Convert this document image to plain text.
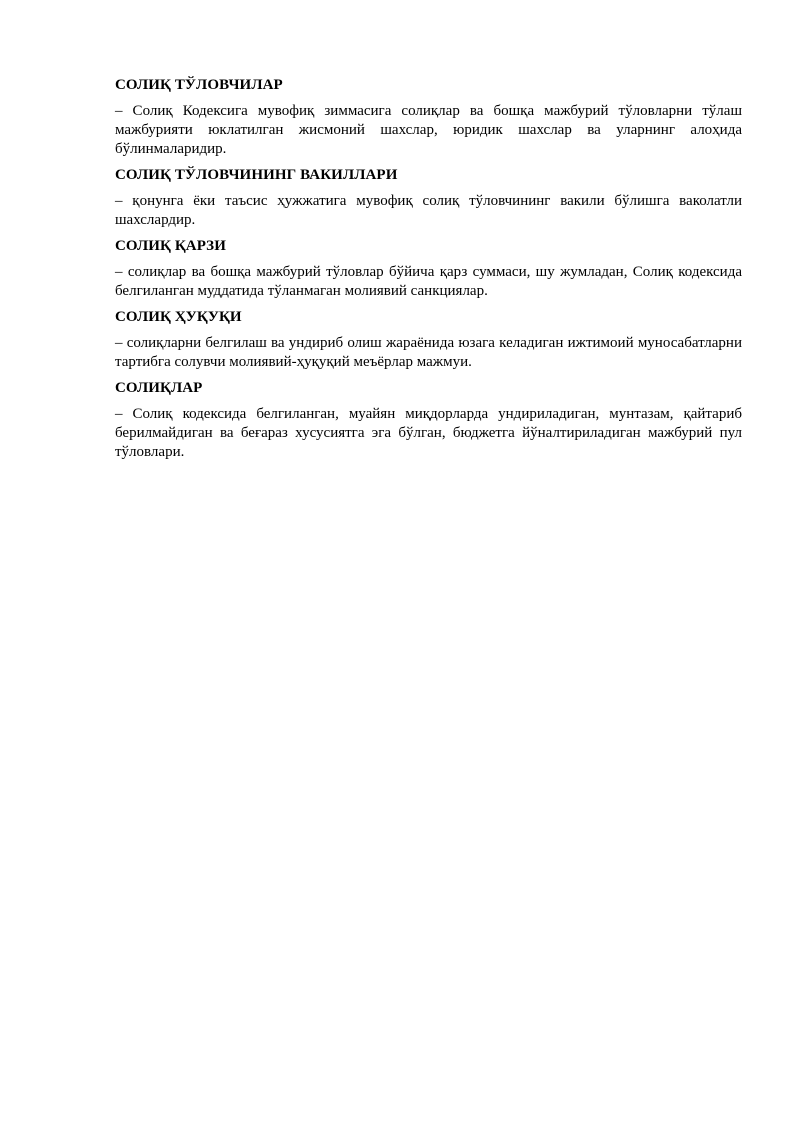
СОЛИҚ ТЎЛОВЧИЛАР

– Солиқ Кодексига мувофиқ зиммасига солиқлар ва бошқа мажбурий тўловларни тўлаш мажбурияти юклатилган жисмоний шахслар, юридик шахслар ва уларнинг алоҳида бўлинмаларидир.

СОЛИҚ ТЎЛОВЧИНИНГ ВАКИЛЛАРИ

– қонунга ёки таъсис ҳужжатига мувофиқ солиқ тўловчининг вакили бўлишга ваколатли шахслардир.

СОЛИҚ ҚАРЗИ

– солиқлар ва бошқа мажбурий тўловлар бўйича қарз суммаси, шу жумладан, Солиқ кодексида белгиланган муддатида тўланмаган молиявий санкциялар.

СОЛИҚ ҲУҚУҚИ

– солиқларни белгилаш ва ундириб олиш жараёнида юзага келадиган ижтимоий муносабатларни тартибга солувчи молиявий-ҳуқуқий меъёрлар мажмуи.

СОЛИҚЛАР

– Солиқ кодексида белгиланган, муайян миқдорларда ундириладиган, мунтазам, қайтариб берилмайдиган ва беғараз хусусиятга эга бўлган, бюджетга йўналтириладиган мажбурий пул тўловлари.
